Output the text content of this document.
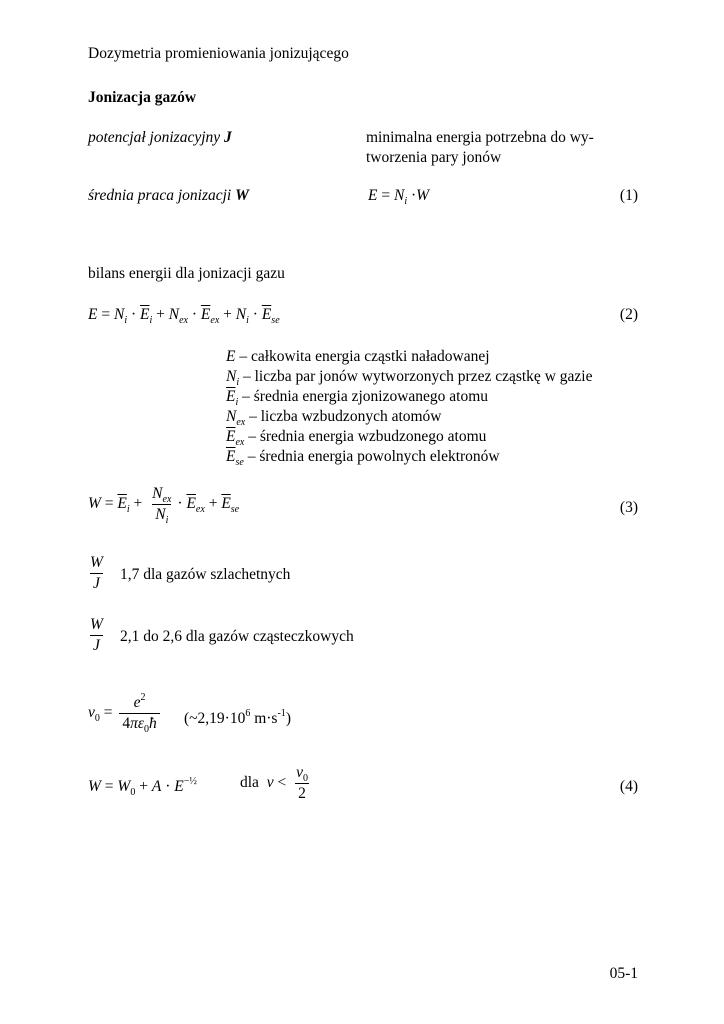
Dozymetria promieniowania jonizującego
Jonizacja gazów
potencjał jonizacyjny J	minimalna energia potrzebna do wy-
tworzenia pary jonów
średnia praca jonizacji W	$E = N_i \cdot W$	(1)
bilans energii dla jonizacji gazu
$E = N_i \cdot \overline{E}_i + N_{ex} \cdot \overline{E}_{ex} + N_i \cdot \overline{E}_{se}$	(2)
E – całkowita energia cząstki naładowanej
$N_i$ – liczba par jonów wytworzonych przez cząstkę w gazie
$\overline{E}_i$ – średnia energia zjonizowanego atomu
$N_{ex}$ – liczba wzbudzonych atomów
$\overline{E}_{ex}$ – średnia energia wzbudzonego atomu
$\overline{E}_{se}$ – średnia energia powolnych elektronów
$W = \overline{E}_i + \frac{N_{ex}}{N_i} \cdot \overline{E}_{ex} + \overline{E}_{se}$	(3)
$\frac{W}{J} 1,7$ dla gazów szlachetnych
$\frac{W}{J} 2,1$ do 2,6 dla gazów cząsteczkowych
$v_0 = \frac{e^2}{4\pi\varepsilon_0ħ}$ ($\sim 2,19\cdot 10^6$ $m\cdot s^{-1}$)
$W = W_0 + A \cdot E^{-\frac{1}{2}}$	dla $v < \frac{v_0}{2}$	(4)
05-1
